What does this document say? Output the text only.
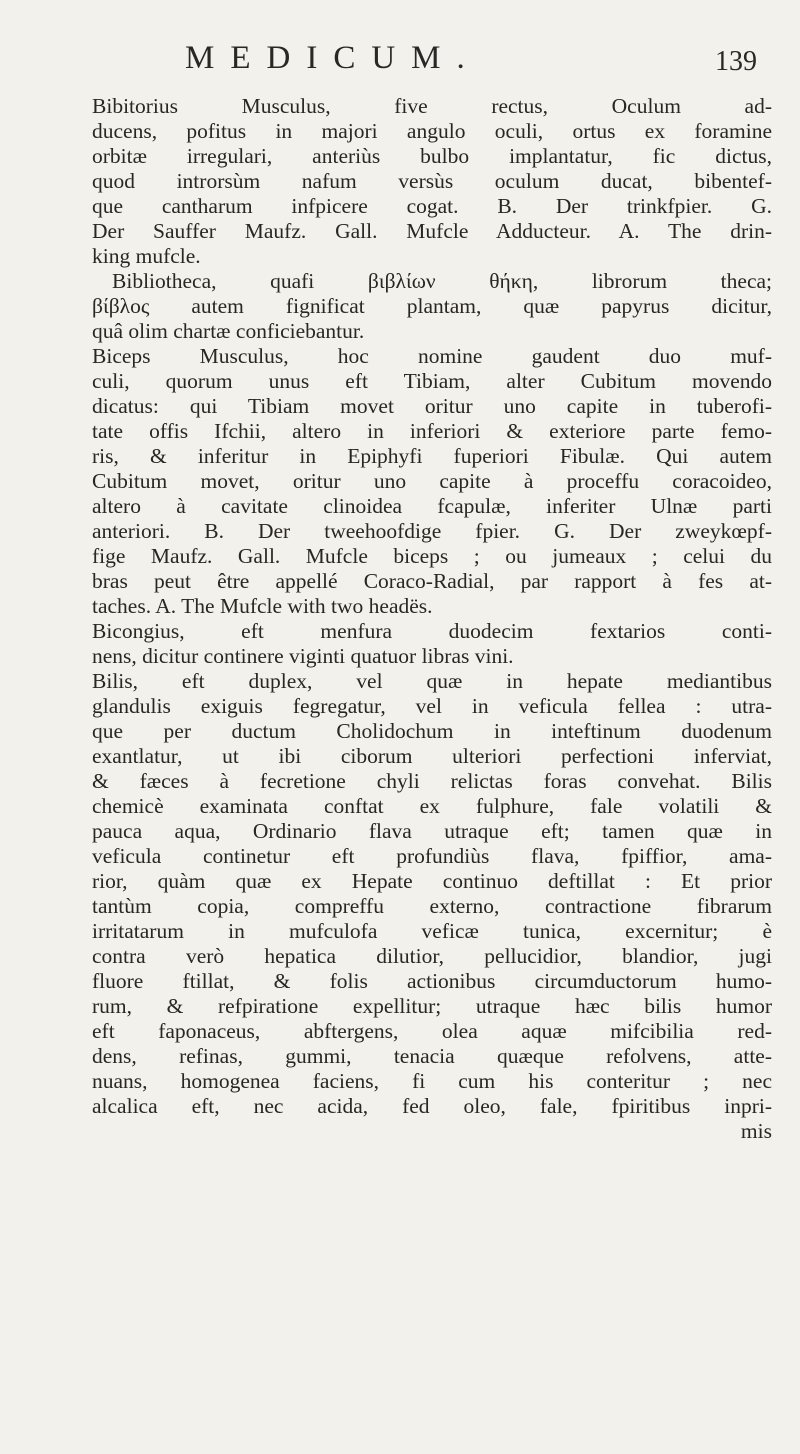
MEDICUM.	139

Bibitorius Musculus, five rectus, Oculum ad-
ducens, pofitus in majori angulo oculi, ortus ex foramine
orbitæ irregulari, anteriùs bulbo implantatur, fic dictus,
quod introrsùm nafum versùs oculum ducat, bibentef-
que cantharum infpicere cogat. B. Der trinkfpier. G.
Der Sauffer Maufz. Gall. Mufcle Adducteur. A. The drin-
king mufcle.

Bibliotheca, quafi βιβλίων θήκη, librorum theca;
βίβλος autem fignificat plantam, quæ papyrus dicitur,
quâ olim chartæ conficiebantur.

Biceps Musculus, hoc nomine gaudent duo muf-
culi, quorum unus eft Tibiam, alter Cubitum movendo
dicatus: qui Tibiam movet oritur uno capite in tuberofi-
tate offis Ifchii, altero in inferiori & exteriore parte femo-
ris, & inferitur in Epiphyfi fuperiori Fibulæ. Qui autem
Cubitum movet, oritur uno capite à proceffu coracoideo,
altero à cavitate clinoidea fcapulæ, inferiter Ulnæ parti
anteriori. B. Der tweehoofdige fpier. G. Der zweykœpf-
fige Maufz. Gall. Mufcle biceps ; ou jumeaux ; celui du
bras peut être appellé Coraco-Radial, par rapport à fes at-
taches. A. The Mufcle with two headës.

Bicongius, eft menfura duodecim fextarios conti-
nens, dicitur continere viginti quatuor libras vini.

Bilis, eft duplex, vel quæ in hepate mediantibus
glandulis exiguis fegregatur, vel in veficula fellea : utra-
que per ductum Cholidochum in inteftinum duodenum
exantlatur, ut ibi ciborum ulteriori perfectioni inferviat,
& fæces à fecretione chyli relictas foras convehat. Bilis
chemicè examinata conftat ex fulphure, fale volatili &
pauca aqua, Ordinario flava utraque eft; tamen quæ in
veficula continetur eft profundiùs flava, fpiffior, ama-
rior, quàm quæ ex Hepate continuo deftillat : Et prior
tantùm copia, compreffu externo, contractione fibrarum
irritatarum in mufculofa veficæ tunica, excernitur; è
contra verò hepatica dilutior, pellucidior, blandior, jugi
fluore ftillat, & folis actionibus circumductorum humo-
rum, & refpiratione expellitur; utraque hæc bilis humor
eft faponaceus, abftergens, olea aquæ mifcibilia red-
dens, refinas, gummi, tenacia quæque refolvens, atte-
nuans, homogenea faciens, fi cum his conteritur ; nec
alcalica eft, nec acida, fed oleo, fale, fpiritibus inpri-

mis
